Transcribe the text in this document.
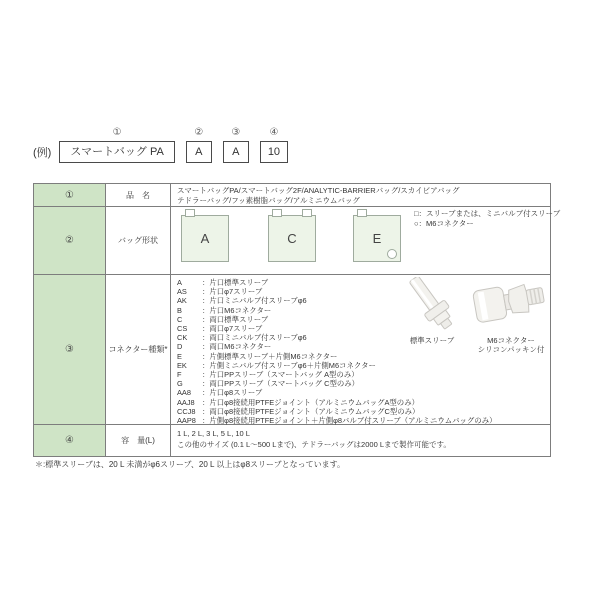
(例)
①
スマートバッグ PA
②
A
③
A
④
10
①	品　名	スマートバッグPA/スマートバッグ2F/ANALYTIC-BARRIERバッグ/スカイビアバッグ
テドラーバッグ/フッ素樹脂バッグ/アルミニウムバッグ
②	バッグ形状	A	C	E
□：スリーブまたは、ミニバルブ付スリーブ
○：M6コネクター
③	コネクター種類*
A	：片口標準スリーブ
AS	：片口φ7スリーブ
AK	：片口ミニバルブ付スリーブφ6
B	：片口M6コネクター
C	：両口標準スリーブ
CS	：両口φ7スリーブ
CK	：両口ミニバルブ付スリーブφ6
D	：両口M6コネクター
E	：片側標準スリーブ＋片側M6コネクター
EK	：片側ミニバルブ付スリーブφ6＋片側M6コネクター
F	：片口PPスリーブ（スマートバッグ A型のみ）
G	：両口PPスリーブ（スマートバッグ C型のみ）
AA8	：片口φ8スリーブ
AAJ8 ：片口φ8接続用PTFEジョイント（アルミニウムバッグA型のみ）
CCJ8 ：両口φ8接続用PTFEジョイント（アルミニウムバッグC型のみ）
AAP8 ：片側φ8接続用PTFEジョイント＋片側φ8バルブ付スリーブ（アルミニウムバッグのみ）
標準スリーブ	M6コネクター
シリコンパッキン付
④	容　量(L)
1 L, 2 L, 3 L, 5 L, 10 L
この他のサイズ (0.1 L～500 Lまで)、テドラーバッグは2000 Lまで製作可能です。
＊:標準スリーブは、20 L 未満がφ6スリーブ、20 L 以上はφ8スリーブとなっています。
